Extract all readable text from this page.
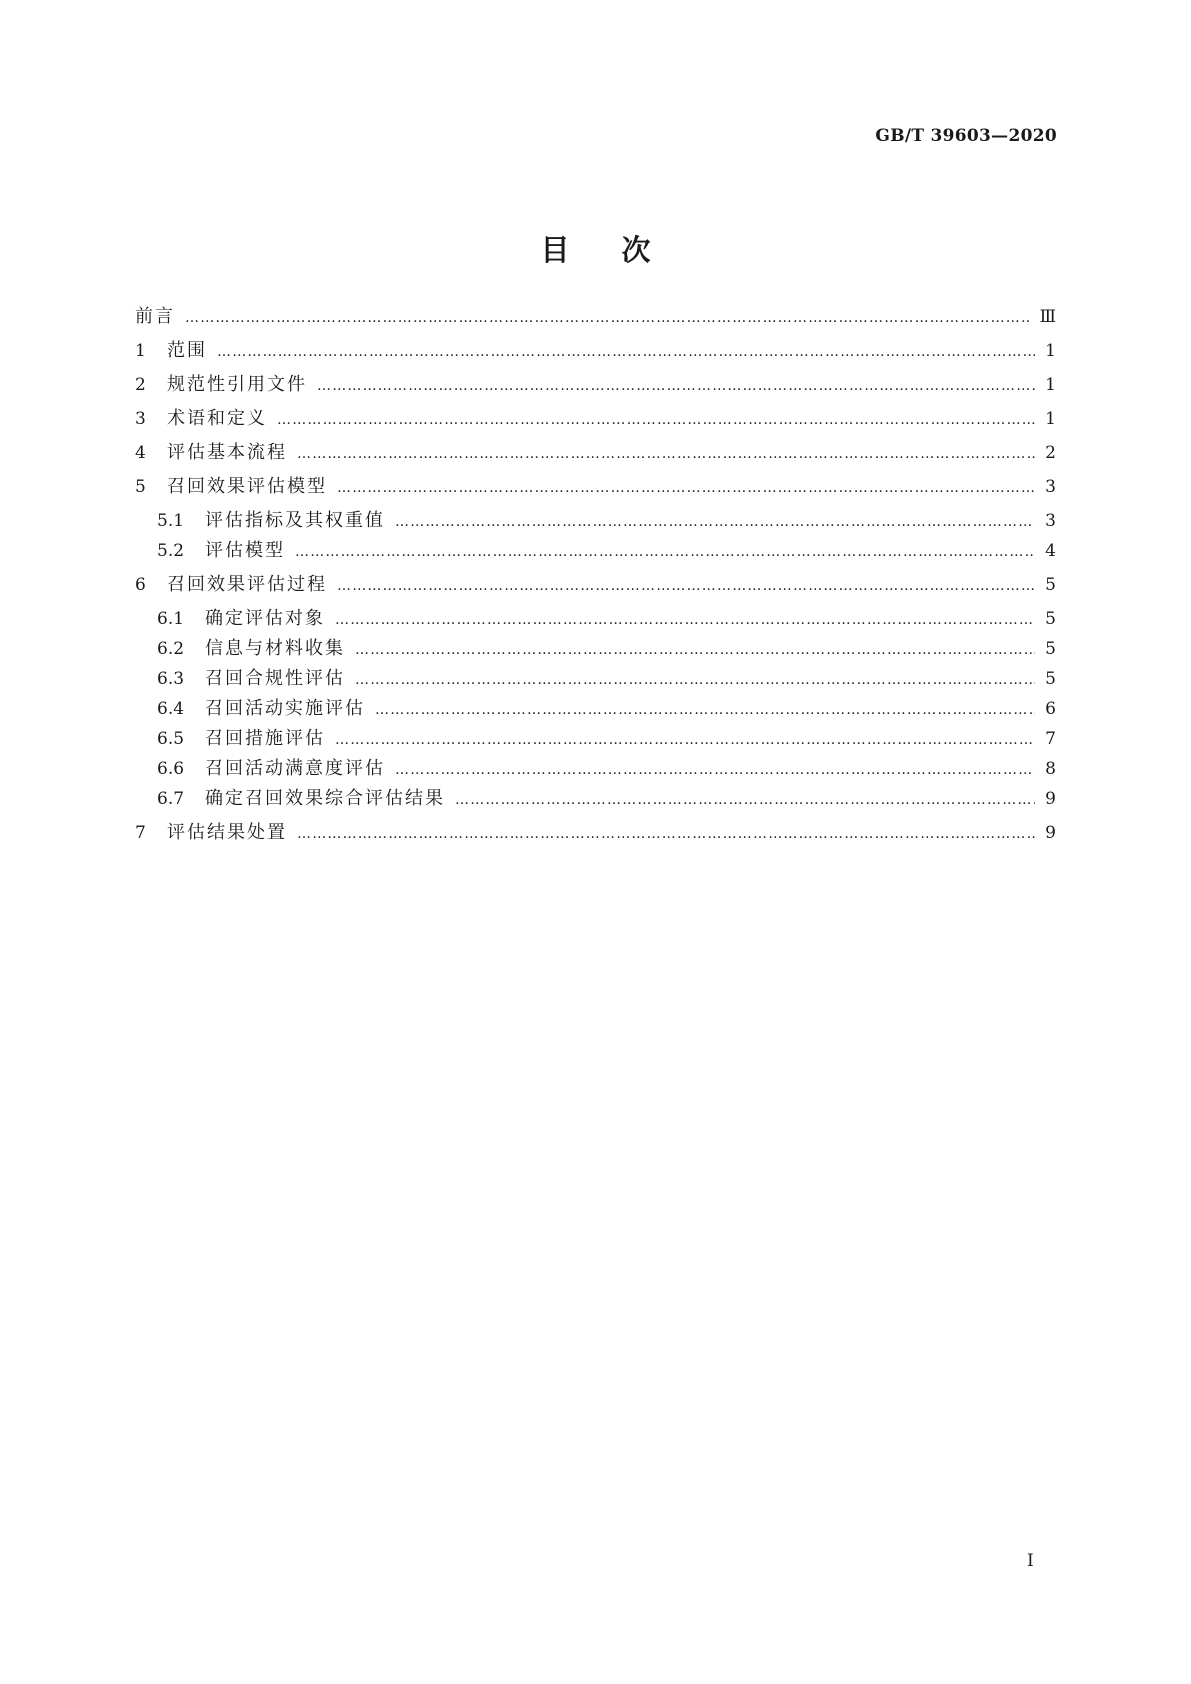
GB/T 39603—2020
目次
前言 ……………………………………………………………………………………………………………………………………………………………………………………………………………	Ⅲ
1	范围 ……………………………………………………………………………………………………………………………………………………………………………………………………………	1
2	规范性引用文件 ……………………………………………………………………………………………………………………………………………………………………………………………………………	1
3	术语和定义 ……………………………………………………………………………………………………………………………………………………………………………………………………………	1
4	评估基本流程 ……………………………………………………………………………………………………………………………………………………………………………………………………………	2
5	召回效果评估模型 ……………………………………………………………………………………………………………………………………………………………………………………………………………	3
5.1	评估指标及其权重值 ……………………………………………………………………………………………………………………………………………………………………………………………………………	3
5.2	评估模型 ……………………………………………………………………………………………………………………………………………………………………………………………………………	4
6	召回效果评估过程 ……………………………………………………………………………………………………………………………………………………………………………………………………………	5
6.1	确定评估对象 ……………………………………………………………………………………………………………………………………………………………………………………………………………	5
6.2	信息与材料收集 ……………………………………………………………………………………………………………………………………………………………………………………………………………	5
6.3	召回合规性评估 ……………………………………………………………………………………………………………………………………………………………………………………………………………	5
6.4	召回活动实施评估 ……………………………………………………………………………………………………………………………………………………………………………………………………………	6
6.5	召回措施评估 ……………………………………………………………………………………………………………………………………………………………………………………………………………	7
6.6	召回活动满意度评估 ……………………………………………………………………………………………………………………………………………………………………………………………………………	8
6.7	确定召回效果综合评估结果 ……………………………………………………………………………………………………………………………………………………………………………………………………………	9
7	评估结果处置 ……………………………………………………………………………………………………………………………………………………………………………………………………………	9
I
